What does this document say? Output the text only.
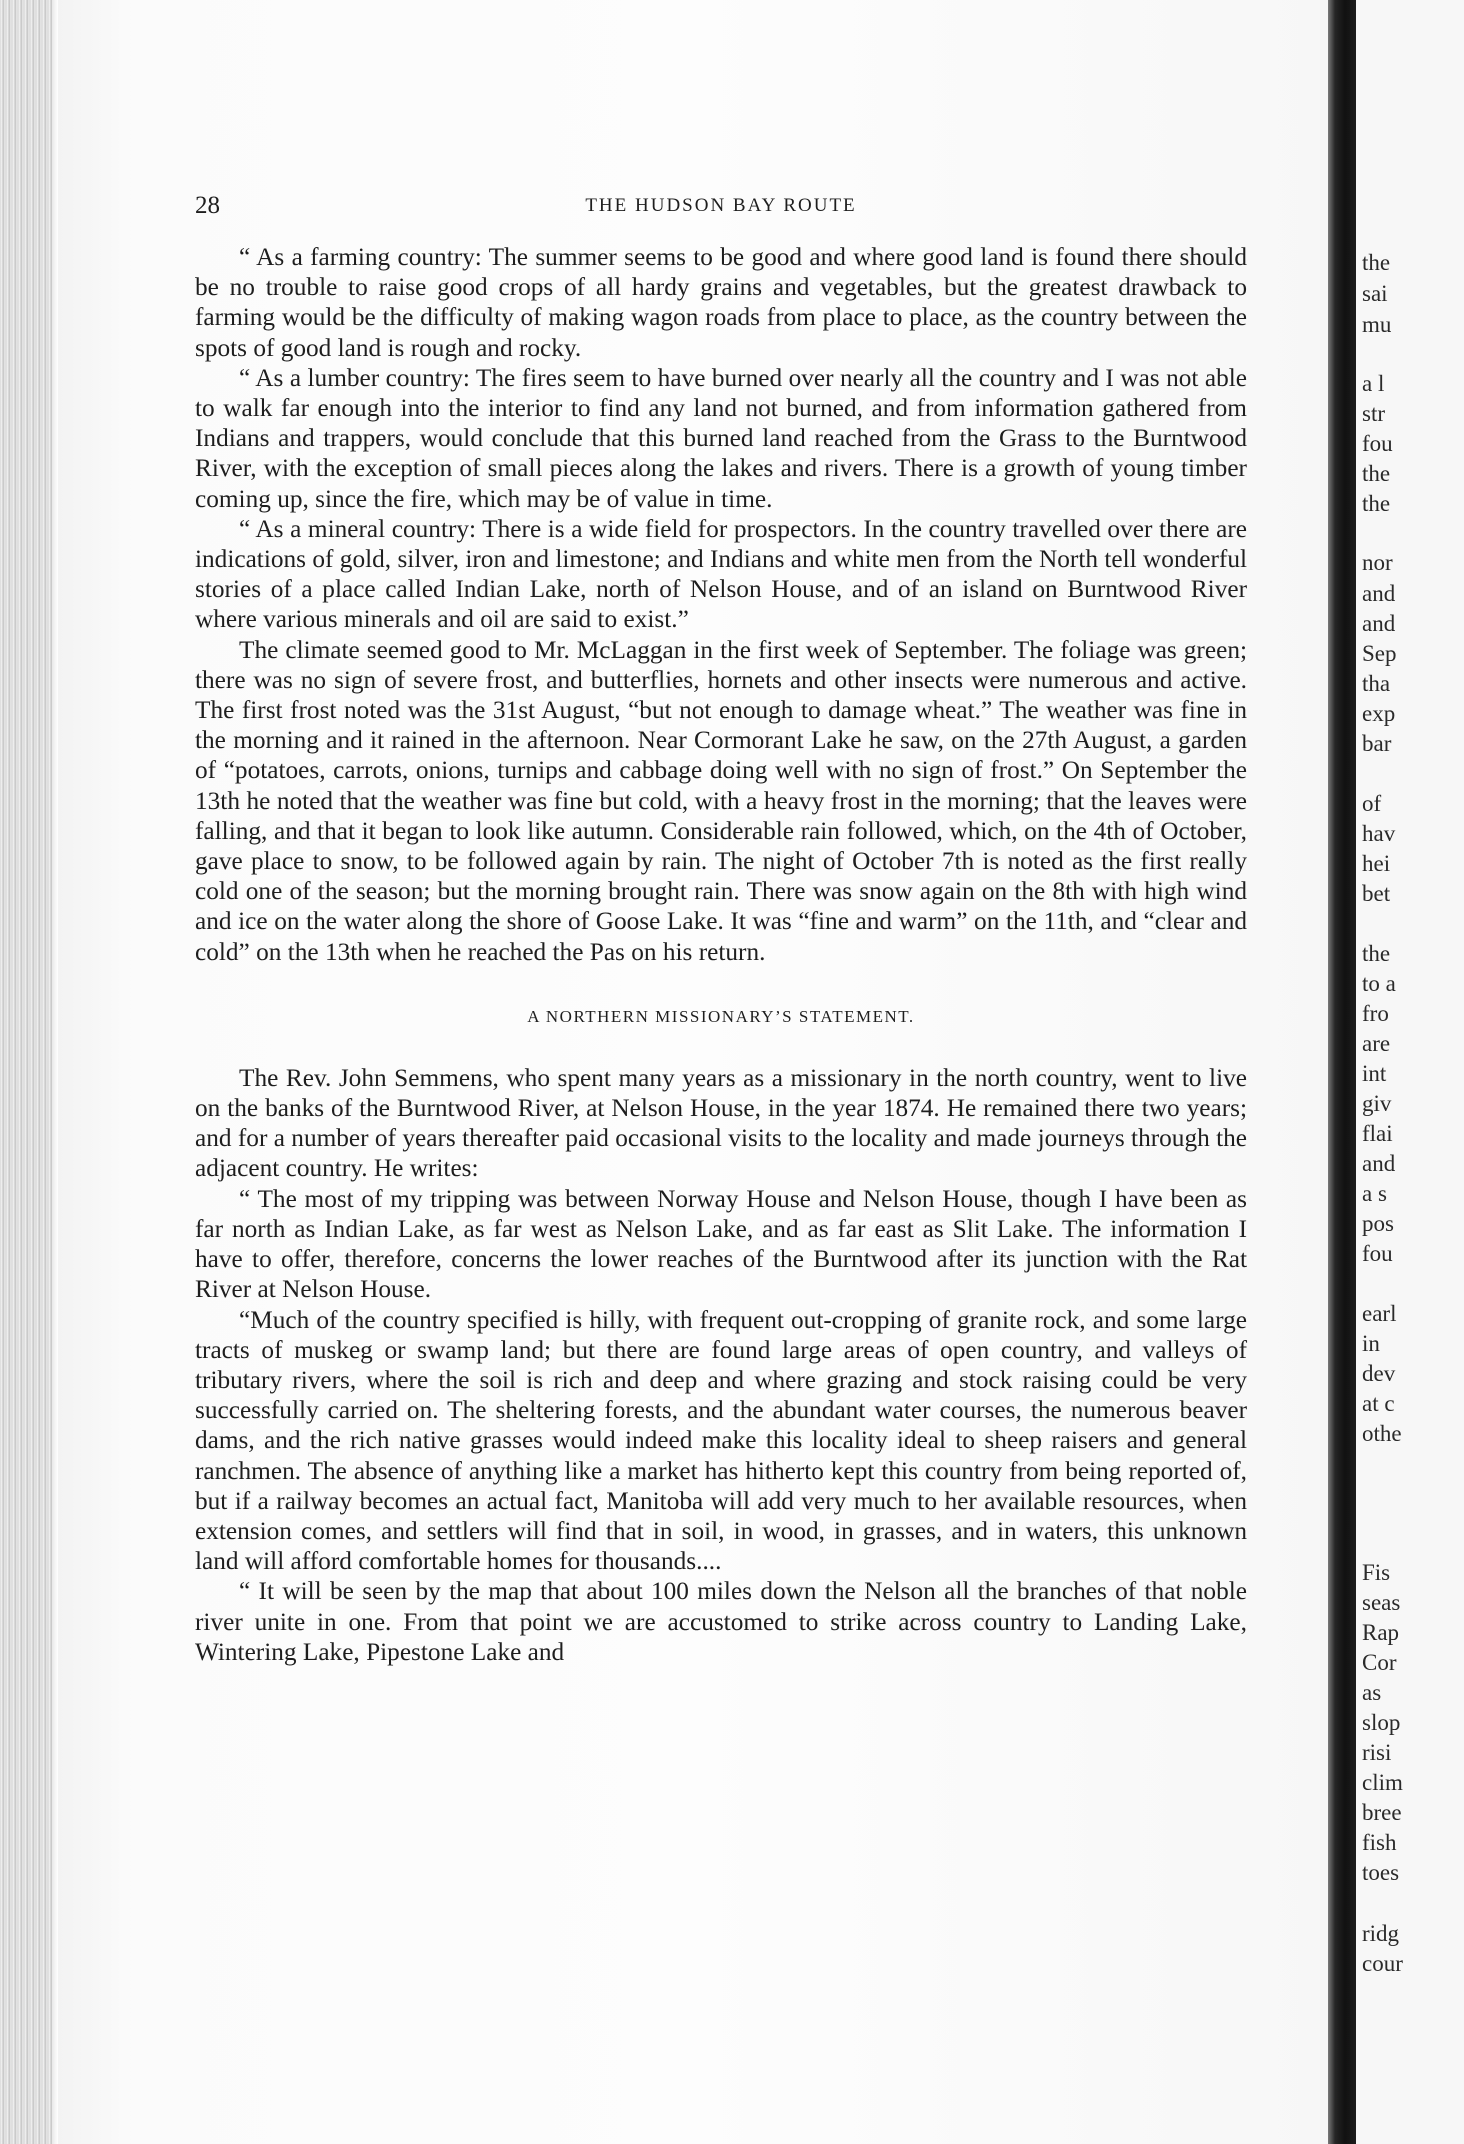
the
sai
mu
a l
str
fou
the
the
nor
and
and
Sep
tha
exp
bar
of
hav
hei
bet
the
to a
fro
are
int
giv
flai
and
a s
pos
fou
earl
in
dev
at c
othe
Fis
seas
Rap
Cor
as
slop
risi
clim
bree
fish
toes
ridg
cour
28	THE HUDSON BAY ROUTE

“ As a farming country: The summer seems to be good and where good land is found there should be no trouble to raise good crops of all hardy grains and vegetables, but the greatest drawback to farming would be the difficulty of making wagon roads from place to place, as the country between the spots of good land is rough and rocky.

“ As a lumber country: The fires seem to have burned over nearly all the country and I was not able to walk far enough into the interior to find any land not burned, and from information gathered from Indians and trappers, would conclude that this burned land reached from the Grass to the Burntwood River, with the exception of small pieces along the lakes and rivers. There is a growth of young timber coming up, since the fire, which may be of value in time.

“ As a mineral country: There is a wide field for prospectors. In the country travelled over there are indications of gold, silver, iron and limestone; and Indians and white men from the North tell wonderful stories of a place called Indian Lake, north of Nelson House, and of an island on Burntwood River where various minerals and oil are said to exist.”

The climate seemed good to Mr. McLaggan in the first week of September. The foliage was green; there was no sign of severe frost, and butterflies, hornets and other insects were numerous and active. The first frost noted was the 31st August, “but not enough to damage wheat.” The weather was fine in the morning and it rained in the afternoon. Near Cormorant Lake he saw, on the 27th August, a garden of “potatoes, carrots, onions, turnips and cabbage doing well with no sign of frost.” On September the 13th he noted that the weather was fine but cold, with a heavy frost in the morning; that the leaves were falling, and that it began to look like autumn. Considerable rain followed, which, on the 4th of October, gave place to snow, to be followed again by rain. The night of October 7th is noted as the first really cold one of the season; but the morning brought rain. There was snow again on the 8th with high wind and ice on the water along the shore of Goose Lake. It was “fine and warm” on the 11th, and “clear and cold” on the 13th when he reached the Pas on his return.

A NORTHERN MISSIONARY’S STATEMENT.

The Rev. John Semmens, who spent many years as a missionary in the north country, went to live on the banks of the Burntwood River, at Nelson House, in the year 1874. He remained there two years; and for a number of years thereafter paid occasional visits to the locality and made journeys through the adjacent country. He writes:

“ The most of my tripping was between Norway House and Nelson House, though I have been as far north as Indian Lake, as far west as Nelson Lake, and as far east as Slit Lake. The information I have to offer, therefore, concerns the lower reaches of the Burntwood after its junction with the Rat River at Nelson House.

“Much of the country specified is hilly, with frequent out-cropping of granite rock, and some large tracts of muskeg or swamp land; but there are found large areas of open country, and valleys of tributary rivers, where the soil is rich and deep and where grazing and stock raising could be very successfully carried on. The sheltering forests, and the abundant water courses, the numerous beaver dams, and the rich native grasses would indeed make this locality ideal to sheep raisers and general ranchmen. The absence of anything like a market has hitherto kept this country from being reported of, but if a railway becomes an actual fact, Manitoba will add very much to her available resources, when extension comes, and settlers will find that in soil, in wood, in grasses, and in waters, this unknown land will afford comfortable homes for thousands....

“ It will be seen by the map that about 100 miles down the Nelson all the branches of that noble river unite in one. From that point we are accustomed to strike across country to Landing Lake, Wintering Lake, Pipestone Lake and
